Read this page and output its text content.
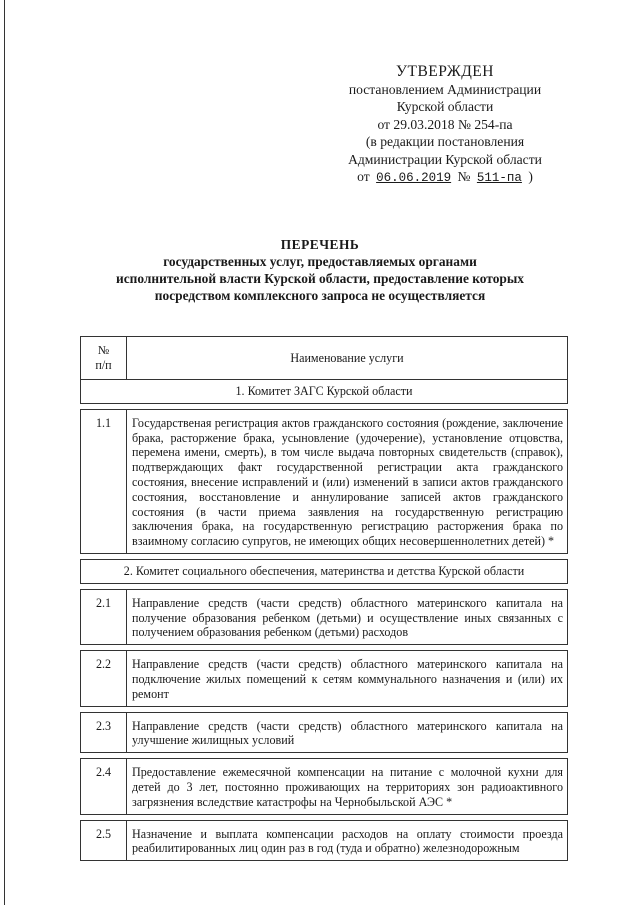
УТВЕРЖДЕН
постановлением Администрации
Курской области
от 29.03.2018 № 254-па
(в редакции постановления
Администрации Курской области
от 06.06.2019 № 511-па )
ПЕРЕЧЕНЬ
государственных услуг, предоставляемых органами
исполнительной власти Курской области, предоставление которых
посредством комплексного запроса не осуществляется
№
п/п	Наименование услуги
1. Комитет ЗАГС Курской области	

1.1	Государственая регистрация актов гражданского состояния (рождение, заключение брака, расторжение брака, усыновление (удочерение), установление отцовства, перемена имени, смерть), в том числе выдача повторных свидетельств (справок), подтверждающих факт государственной регистрации акта гражданского состояния, внесение исправлений и (или) изменений в записи актов гражданского состояния, восстановление и аннулирование записей актов гражданского состояния (в части приема заявления на государственную регистрацию заключения брака, на государственную регистрацию расторжения брака по взаимному согласию супругов, не имеющих общих несовершеннолетних детей) *

2. Комитет социального обеспечения, материнства и детства Курской области	

2.1	Направление средств (части средств) областного материнского капитала на получение образования ребенком (детьми) и осуществление иных связанных с получением образования ребенком (детьми) расходов

2.2	Направление средств (части средств) областного материнского капитала на подключение жилых помещений к сетям коммунального назначения и (или) их ремонт

2.3	Направление средств (части средств) областного материнского капитала на улучшение жилищных условий

2.4	Предоставление ежемесячной компенсации на питание с молочной кухни для детей до 3 лет, постоянно проживающих на территориях зон радиоактивного загрязнения вследствие катастрофы на Чернобыльской АЭС *

2.5	Назначение и выплата компенсации расходов на оплату стоимости проезда реабилитированных лиц один раз в год (туда и обратно) железнодорожным
